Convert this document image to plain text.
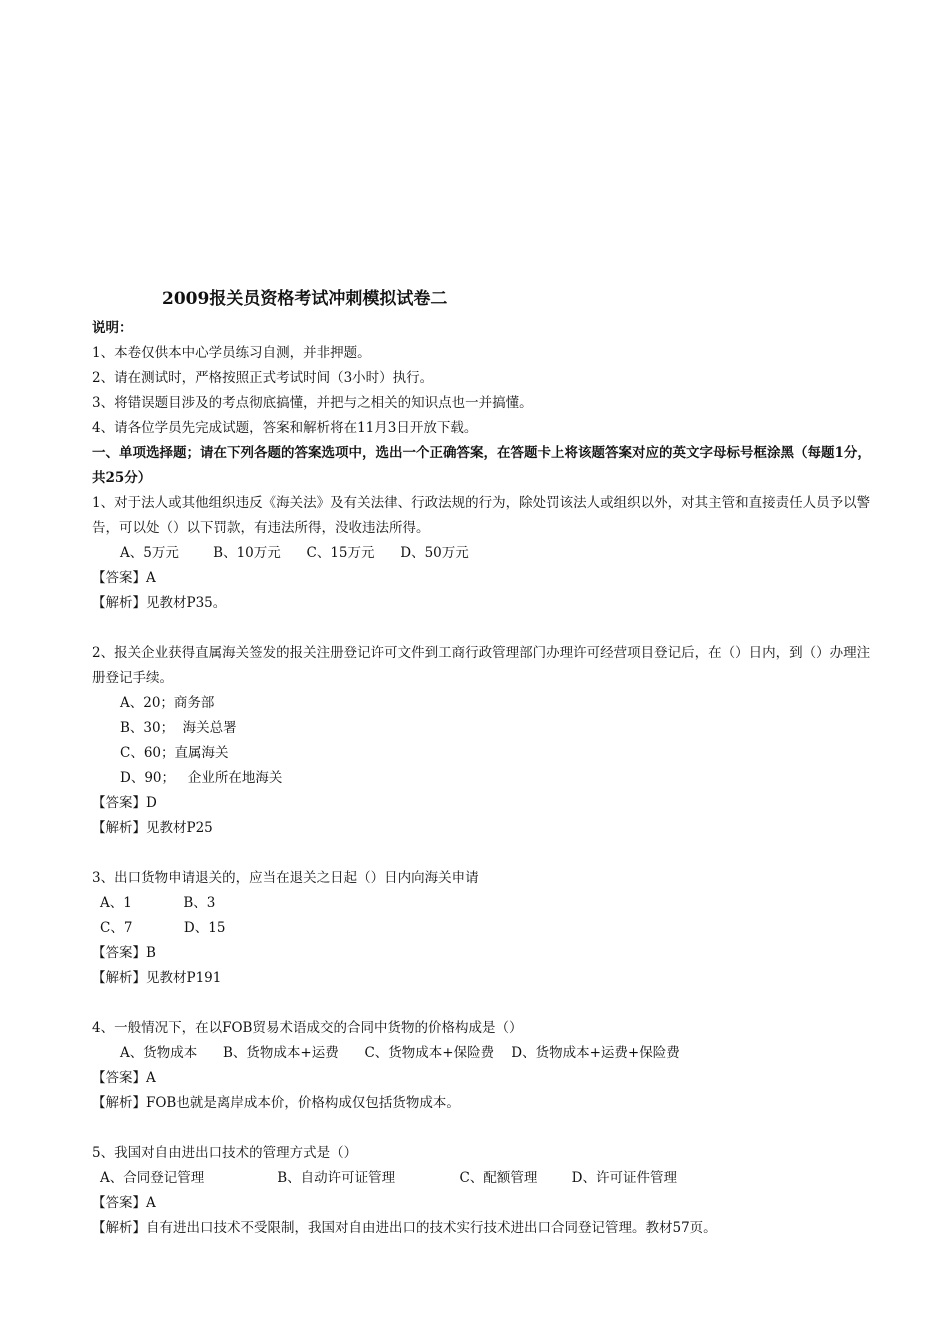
2009报关员资格考试冲刺模拟试卷二
说明：
1、本卷仅供本中心学员练习自测，并非押题。
2、请在测试时，严格按照正式考试时间（3小时）执行。
3、将错误题目涉及的考点彻底搞懂，并把与之相关的知识点也一并搞懂。
4、请各位学员先完成试题，答案和解析将在11月3日开放下载。
一、单项选择题；请在下列各题的答案选项中，选出一个正确答案，在答题卡上将该题答案对应的英文字母标号框涂黑（每题1分，共25分）
1、对于法人或其他组织违反《海关法》及有关法律、行政法规的行为，除处罚该法人或组织以外，对其主管和直接责任人员予以警告，可以处（）以下罚款，有违法所得，没收违法所得。
A、5万元        B、10万元      C、15万元      D、50万元
【答案】A
【解析】见教材P35。
2、报关企业获得直属海关签发的报关注册登记许可文件到工商行政管理部门办理许可经营项目登记后，在（）日内，到（）办理注册登记手续。
A、20；商务部
B、30；  海关总署
C、60；直属海关
D、90；   企业所在地海关
【答案】D
【解析】见教材P25
3、出口货物申请退关的，应当在退关之日起（）日内向海关申请
A、1            B、3
C、7            D、15
【答案】B
【解析】见教材P191
4、一般情况下，在以FOB贸易术语成交的合同中货物的价格构成是（）
A、货物成本      B、货物成本+运费      C、货物成本+保险费    D、货物成本+运费+保险费
【答案】A
【解析】FOB也就是离岸成本价，价格构成仅包括货物成本。
5、我国对自由进出口技术的管理方式是（）
A、合同登记管理                 B、自动许可证管理               C、配额管理        D、许可证件管理
【答案】A
【解析】自有进出口技术不受限制，我国对自由进出口的技术实行技术进出口合同登记管理。教材57页。
